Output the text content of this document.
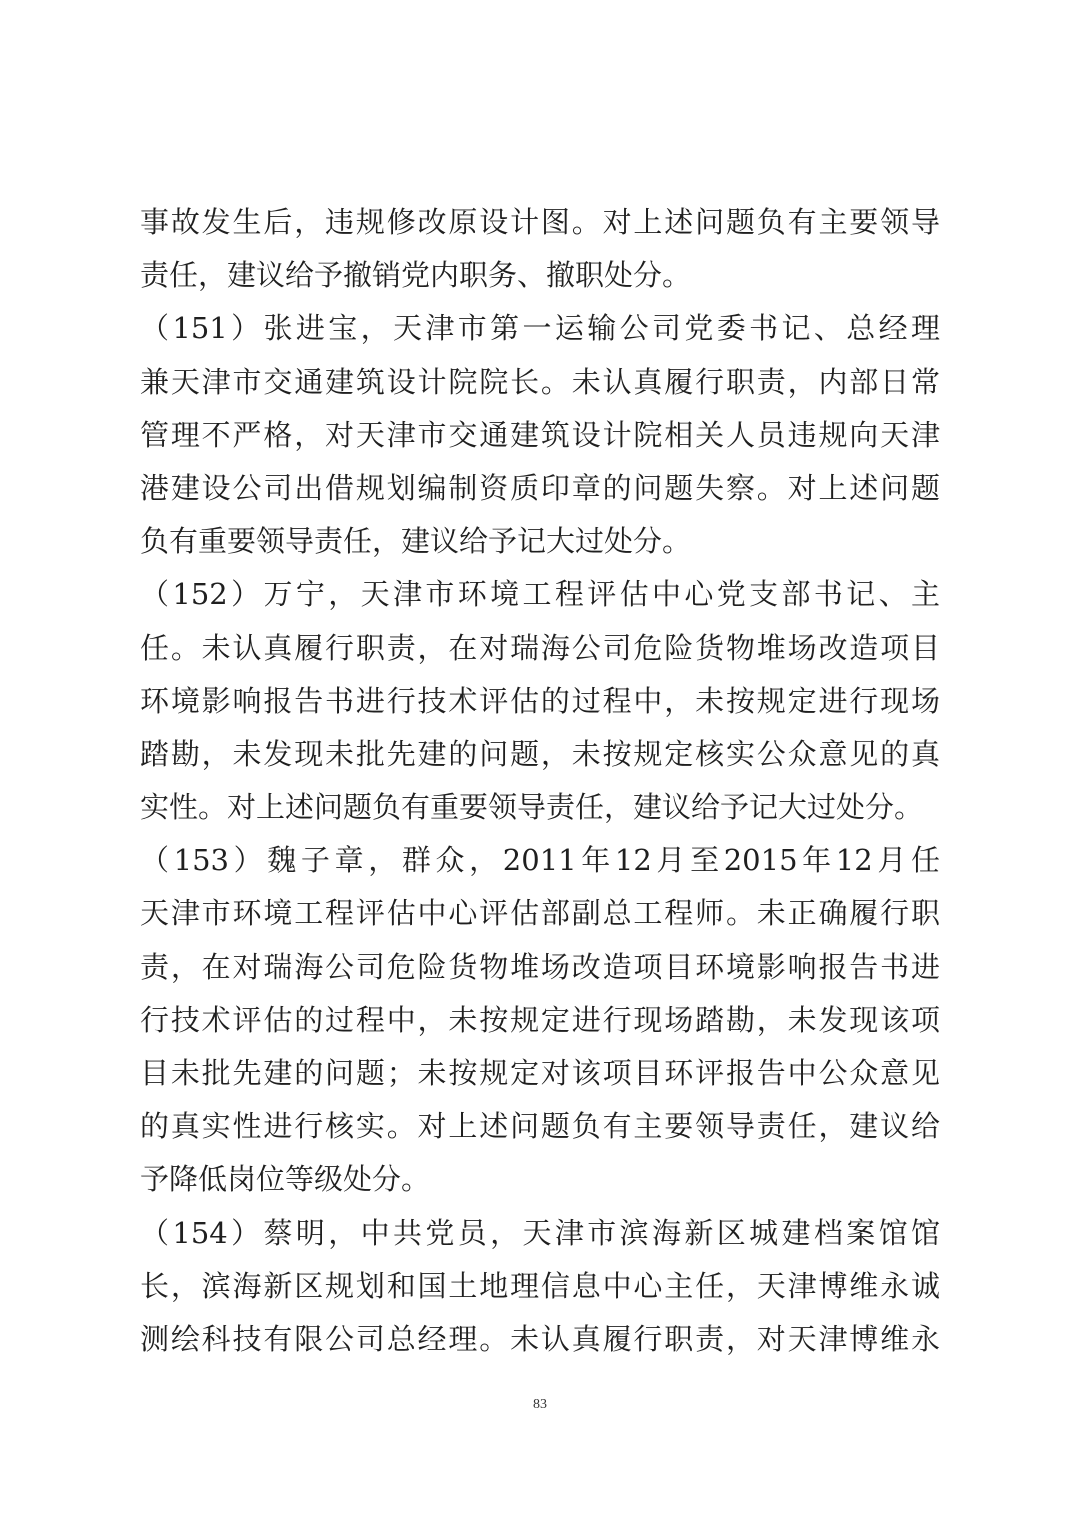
事故发生后，违规修改原设计图。对上述问题负有主要领导
责任，建议给予撤销党内职务、撤职处分。
（151）张进宝，天津市第一运输公司党委书记、总经理
兼天津市交通建筑设计院院长。未认真履行职责，内部日常
管理不严格，对天津市交通建筑设计院相关人员违规向天津
港建设公司出借规划编制资质印章的问题失察。对上述问题
负有重要领导责任，建议给予记大过处分。
（152）万宁，天津市环境工程评估中心党支部书记、主
任。未认真履行职责，在对瑞海公司危险货物堆场改造项目
环境影响报告书进行技术评估的过程中，未按规定进行现场
踏勘，未发现未批先建的问题，未按规定核实公众意见的真
实性。对上述问题负有重要领导责任，建议给予记大过处分。
（153）魏子章，群众，2011年12月至2015年12月任
天津市环境工程评估中心评估部副总工程师。未正确履行职
责，在对瑞海公司危险货物堆场改造项目环境影响报告书进
行技术评估的过程中，未按规定进行现场踏勘，未发现该项
目未批先建的问题；未按规定对该项目环评报告中公众意见
的真实性进行核实。对上述问题负有主要领导责任，建议给
予降低岗位等级处分。
（154）蔡明，中共党员，天津市滨海新区城建档案馆馆
长，滨海新区规划和国土地理信息中心主任，天津博维永诚
测绘科技有限公司总经理。未认真履行职责，对天津博维永
83
